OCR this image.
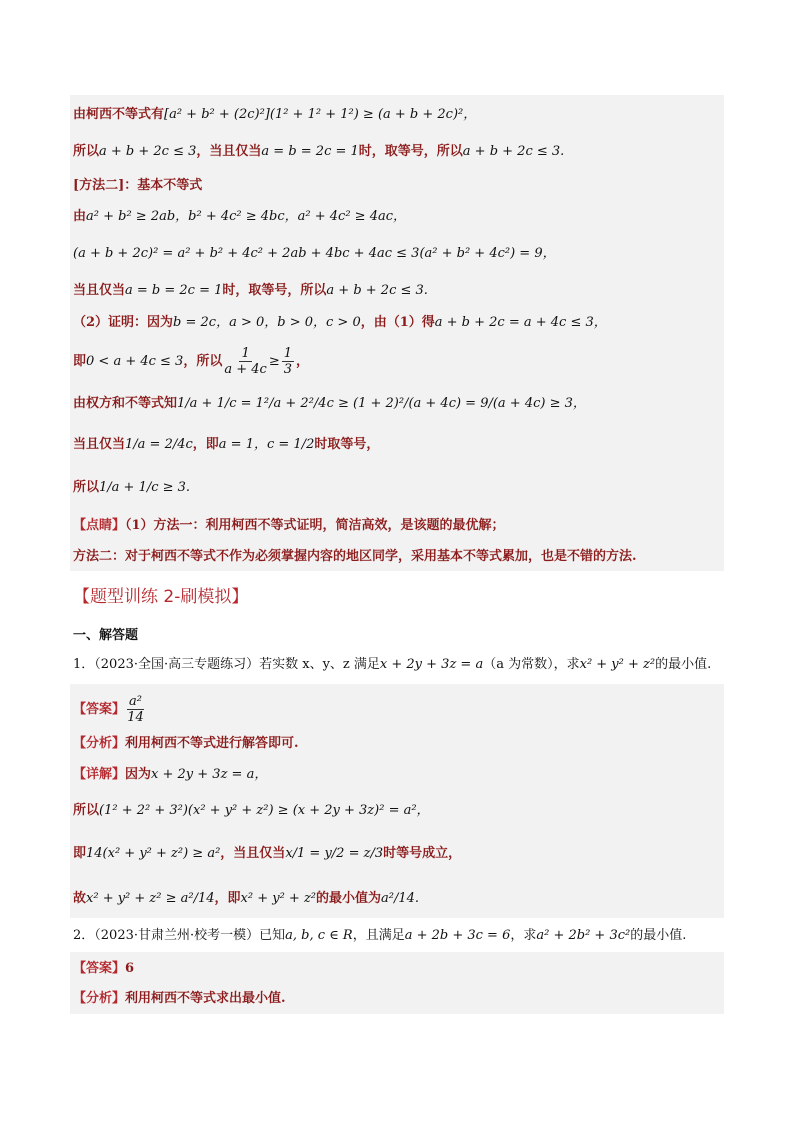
由柯西不等式有[a² + b² + (2c)²](1² + 1² + 1²) ≥ (a + b + 2c)²，
所以a + b + 2c ≤ 3，当且仅当a = b = 2c = 1时，取等号，所以a + b + 2c ≤ 3.
[方法二]：基本不等式
由a² + b² ≥ 2ab，b² + 4c² ≥ 4bc，a² + 4c² ≥ 4ac，
(a + b + 2c)² = a² + b² + 4c² + 2ab + 4bc + 4ac ≤ 3(a² + b² + 4c²) = 9，
当且仅当a = b = 2c = 1时，取等号，所以a + b + 2c ≤ 3.
（2）证明：因为b = 2c，a > 0，b > 0，c > 0，由（1）得a + b + 2c = a + 4c ≤ 3，
即0 < a + 4c ≤ 3，所以 $\frac{1}{a + 4c} \ge \frac{1}{3}$ ，
由权方和不等式知1/a + 1/c = 1²/a + 2²/4c ≥ (1 + 2)²/(a + 4c) = 9/(a + 4c) ≥ 3，
当且仅当1/a = 2/4c，即a = 1，c = 1/2时取等号，
所以1/a + 1/c ≥ 3.
【点睛】（1）方法一：利用柯西不等式证明，简洁高效，是该题的最优解；
方法二：对于柯西不等式不作为必须掌握内容的地区同学，采用基本不等式累加，也是不错的方法.
【题型训练 2-刷模拟】
一、解答题
1．（2023·全国·高三专题练习）若实数 x、y、z 满足x + 2y + 3z = a（a 为常数），求x² + y² + z²的最小值.
【答案】 $\frac{\text{a²}}{14}$
【分析】利用柯西不等式进行解答即可.
【详解】因为x + 2y + 3z = a，
所以(1² + 2² + 3²)(x² + y² + z²) ≥ (x + 2y + 3z)² = a²，
即14(x² + y² + z²) ≥ a²，当且仅当x/1 = y/2 = z/3时等号成立，
故x² + y² + z² ≥ a²/14，即x² + y² + z²的最小值为a²/14.
2．（2023·甘肃兰州·校考一模）已知a, b, c ∈ R，且满足a + 2b + 3c = 6，求a² + 2b² + 3c²的最小值.
【答案】6
【分析】利用柯西不等式求出最小值.
